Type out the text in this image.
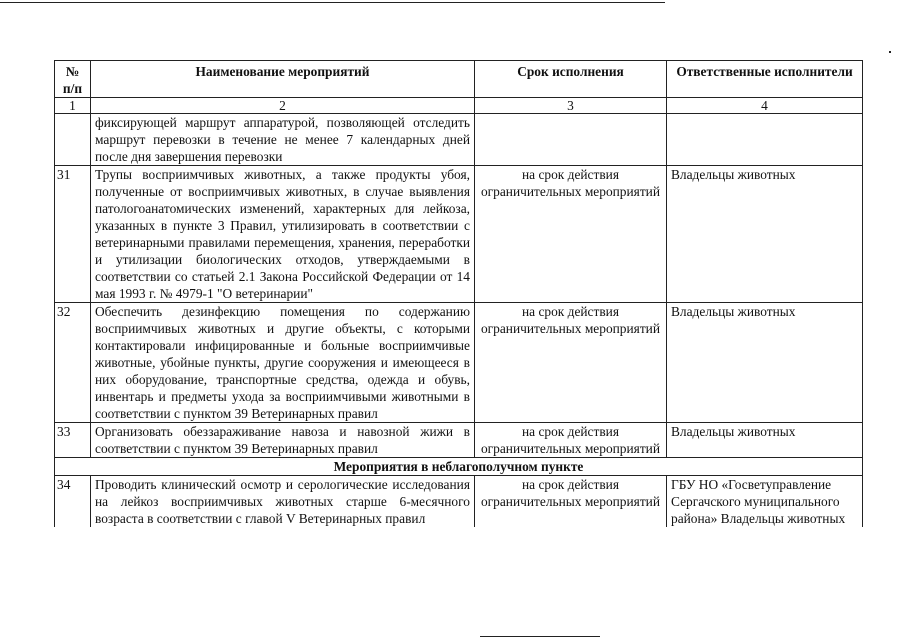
№ п/п	Наименование мероприятий	Срок исполнения	Ответственные исполнители
1	2	3	4
	фиксирующей маршрут аппаратурой, позволяющей отследить маршрут перевозки в течение не менее 7 календарных дней после дня завершения перевозки		
31	Трупы восприимчивых животных, а также продукты убоя, полученные от восприимчивых животных, в случае выявления патологоанатомических изменений, характерных для лейкоза, указанных в пункте 3 Правил, утилизировать в соответствии с ветеринарными правилами перемещения, хранения, переработки и утилизации биологических отходов, утверждаемыми в соответствии со статьей 2.1 Закона Российской Федерации от 14 мая 1993 г. № 4979-1 "О ветеринарии"	на срок действия ограничительных мероприятий	Владельцы животных
32	Обеспечить дезинфекцию помещения по содержанию восприимчивых животных и другие объекты, с которыми контактировали инфицированные и больные восприимчивые животные, убойные пункты, другие сооружения и имеющееся в них оборудование, транспортные средства, одежда и обувь, инвентарь и предметы ухода за восприимчивыми животными в соответствии с пунктом 39 Ветеринарных правил	на срок действия ограничительных мероприятий	Владельцы животных
33	Организовать обеззараживание навоза и навозной жижи в соответствии с пунктом 39 Ветеринарных правил	на срок действия ограничительных мероприятий	Владельцы животных
Мероприятия в неблагополучном пункте			
34	Проводить клинический осмотр и серологические исследования на лейкоз восприимчивых животных старше 6-месячного возраста в соответствии с главой V Ветеринарных правил	на срок действия ограничительных мероприятий	ГБУ НО «Госветуправление Сергачского муниципального района» Владельцы животных
